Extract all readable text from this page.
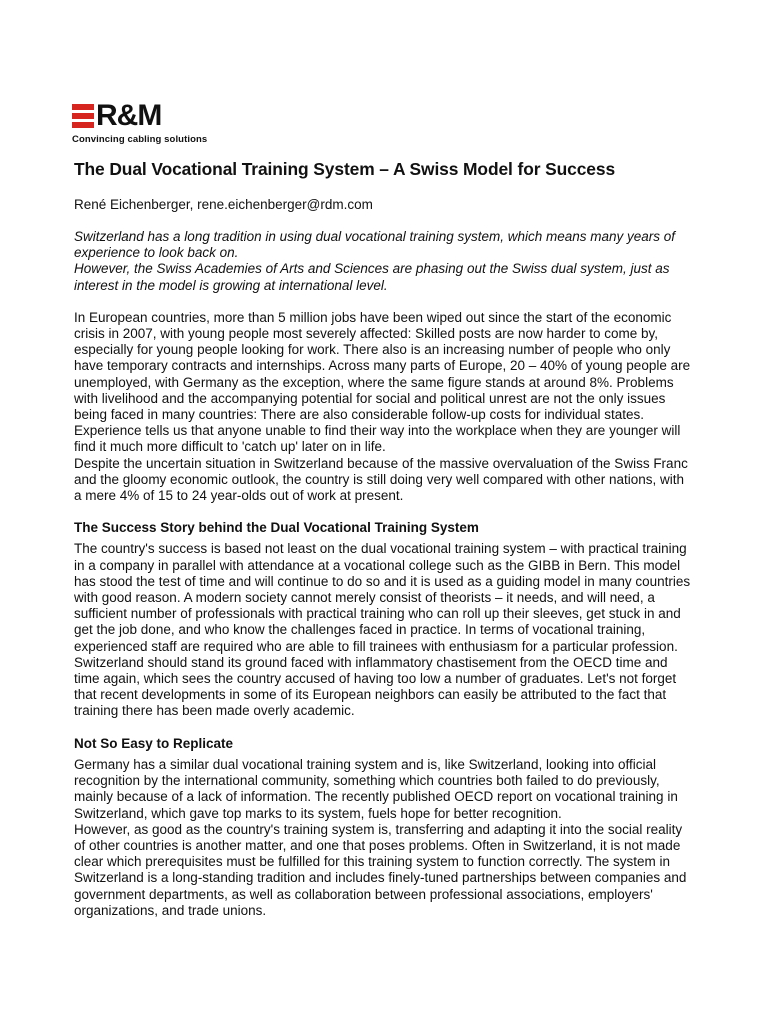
R&M
Convincing cabling solutions
The Dual Vocational Training System – A Swiss Model for Success

René Eichenberger, rene.eichenberger@rdm.com

Switzerland has a long tradition in using dual vocational training system, which means many years of experience to look back on.
However, the Swiss Academies of Arts and Sciences are phasing out the Swiss dual system, just as interest in the model is growing at international level.

In European countries, more than 5 million jobs have been wiped out since the start of the economic crisis in 2007, with young people most severely affected: Skilled posts are now harder to come by, especially for young people looking for work. There also is an increasing number of people who only have temporary contracts and internships. Across many parts of Europe, 20 – 40% of young people are unemployed, with Germany as the exception, where the same figure stands at around 8%. Problems with livelihood and the accompanying potential for social and political unrest are not the only issues being faced in many countries: There are also considerable follow-up costs for individual states. Experience tells us that anyone unable to find their way into the workplace when they are younger will find it much more difficult to 'catch up' later on in life.

Despite the uncertain situation in Switzerland because of the massive overvaluation of the Swiss Franc and the gloomy economic outlook, the country is still doing very well compared with other nations, with a mere 4% of 15 to 24 year-olds out of work at present.

The Success Story behind the Dual Vocational Training System

The country's success is based not least on the dual vocational training system – with practical training in a company in parallel with attendance at a vocational college such as the GIBB in Bern. This model has stood the test of time and will continue to do so and it is used as a guiding model in many countries with good reason. A modern society cannot merely consist of theorists – it needs, and will need, a sufficient number of professionals with practical training who can roll up their sleeves, get stuck in and get the job done, and who know the challenges faced in practice. In terms of vocational training, experienced staff are required who are able to fill trainees with enthusiasm for a particular profession.

Switzerland should stand its ground faced with inflammatory chastisement from the OECD time and time again, which sees the country accused of having too low a number of graduates. Let's not forget that recent developments in some of its European neighbors can easily be attributed to the fact that training there has been made overly academic.

Not So Easy to Replicate

Germany has a similar dual vocational training system and is, like Switzerland, looking into official recognition by the international community, something which countries both failed to do previously, mainly because of a lack of information. The recently published OECD report on vocational training in Switzerland, which gave top marks to its system, fuels hope for better recognition.

However, as good as the country's training system is, transferring and adapting it into the social reality of other countries is another matter, and one that poses problems. Often in Switzerland, it is not made clear which prerequisites must be fulfilled for this training system to function correctly. The system in Switzerland is a long-standing tradition and includes finely-tuned partnerships between companies and government departments, as well as collaboration between professional associations, employers' organizations, and trade unions.
